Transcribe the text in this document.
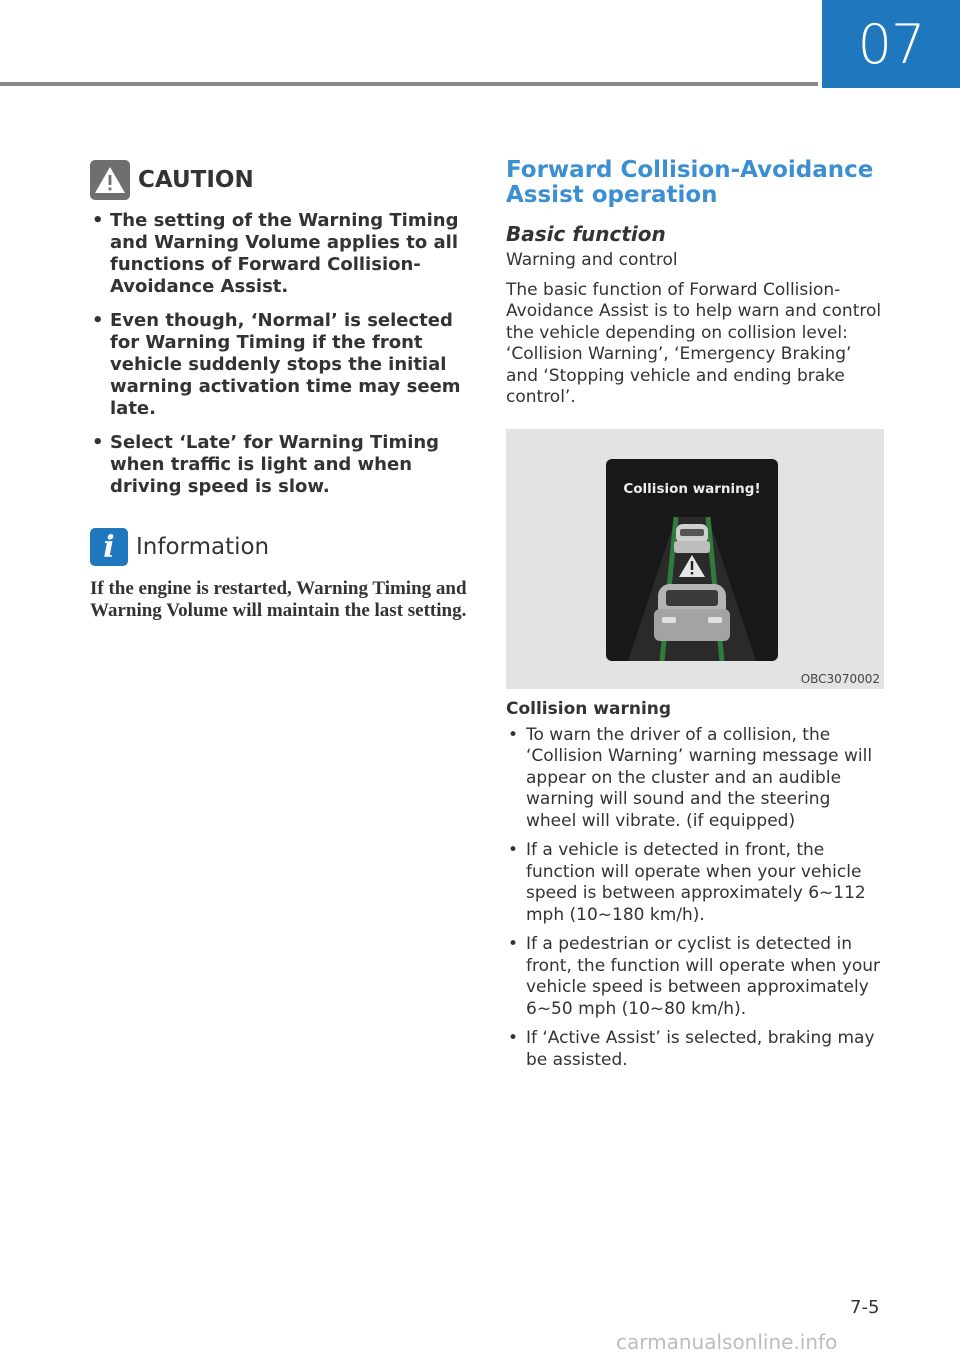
07
CAUTION
• The setting of the Warning Timing and Warning Volume applies to all functions of Forward Collision-Avoidance Assist.
• Even though, ‘Normal’ is selected for Warning Timing if the front vehicle suddenly stops the initial warning activation time may seem late.
• Select ‘Late’ for Warning Timing when traffic is light and when driving speed is slow.
i Information
If the engine is restarted, Warning Timing and Warning Volume will maintain the last setting.
Forward Collision-Avoidance Assist operation
Basic function

Warning and control

The basic function of Forward Collision-Avoidance Assist is to help warn and control the vehicle depending on collision level: ‘Collision Warning’, ‘Emergency Braking’ and ‘Stopping vehicle and ending brake control’.

Collision warning!
OBC3070002
Collision warning
• To warn the driver of a collision, the ‘Collision Warning’ warning message will appear on the cluster and an audible warning will sound and the steering wheel will vibrate. (if equipped)
• If a vehicle is detected in front, the function will operate when your vehicle speed is between approximately 6~112 mph (10~180 km/h).
• If a pedestrian or cyclist is detected in front, the function will operate when your vehicle speed is between approximately 6~50 mph (10~80 km/h).
• If ‘Active Assist’ is selected, braking may be assisted.
7-5
carmanualsonline.info
